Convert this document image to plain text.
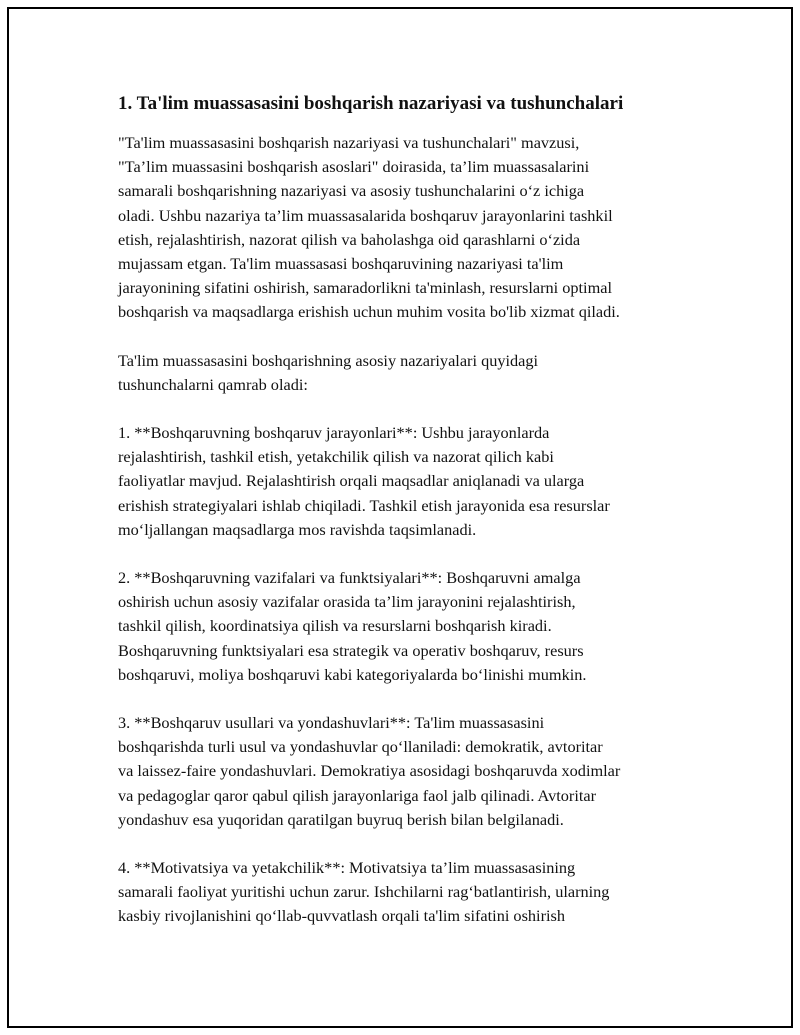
1. Ta'lim muassasasini boshqarish nazariyasi va tushunchalari

"Ta'lim muassasasini boshqarish nazariyasi va tushunchalari" mavzusi,
"Ta’lim muassasini boshqarish asoslari" doirasida, ta’lim muassasalarini
samarali boshqarishning nazariyasi va asosiy tushunchalarini o‘z ichiga
oladi. Ushbu nazariya ta’lim muassasalarida boshqaruv jarayonlarini tashkil
etish, rejalashtirish, nazorat qilish va baholashga oid qarashlarni o‘zida
mujassam etgan. Ta'lim muassasasi boshqaruvining nazariyasi ta'lim
jarayonining sifatini oshirish, samaradorlikni ta'minlash, resurslarni optimal
boshqarish va maqsadlarga erishish uchun muhim vosita bo'lib xizmat qiladi.

Ta'lim muassasasini boshqarishning asosiy nazariyalari quyidagi
tushunchalarni qamrab oladi:

1. **Boshqaruvning boshqaruv jarayonlari**: Ushbu jarayonlarda
rejalashtirish, tashkil etish, yetakchilik qilish va nazorat qilich kabi
faoliyatlar mavjud. Rejalashtirish orqali maqsadlar aniqlanadi va ularga
erishish strategiyalari ishlab chiqiladi. Tashkil etish jarayonida esa resurslar
mo‘ljallangan maqsadlarga mos ravishda taqsimlanadi.

2. **Boshqaruvning vazifalari va funktsiyalari**: Boshqaruvni amalga
oshirish uchun asosiy vazifalar orasida ta’lim jarayonini rejalashtirish,
tashkil qilish, koordinatsiya qilish va resurslarni boshqarish kiradi.
Boshqaruvning funktsiyalari esa strategik va operativ boshqaruv, resurs
boshqaruvi, moliya boshqaruvi kabi kategoriyalarda bo‘linishi mumkin.

3. **Boshqaruv usullari va yondashuvlari**: Ta'lim muassasasini
boshqarishda turli usul va yondashuvlar qo‘llaniladi: demokratik, avtoritar
va laissez-faire yondashuvlari. Demokratiya asosidagi boshqaruvda xodimlar
va pedagoglar qaror qabul qilish jarayonlariga faol jalb qilinadi. Avtoritar
yondashuv esa yuqoridan qaratilgan buyruq berish bilan belgilanadi.

4. **Motivatsiya va yetakchilik**: Motivatsiya ta’lim muassasasining
samarali faoliyat yuritishi uchun zarur. Ishchilarni rag‘batlantirish, ularning
kasbiy rivojlanishini qo‘llab-quvvatlash orqali ta'lim sifatini oshirish
